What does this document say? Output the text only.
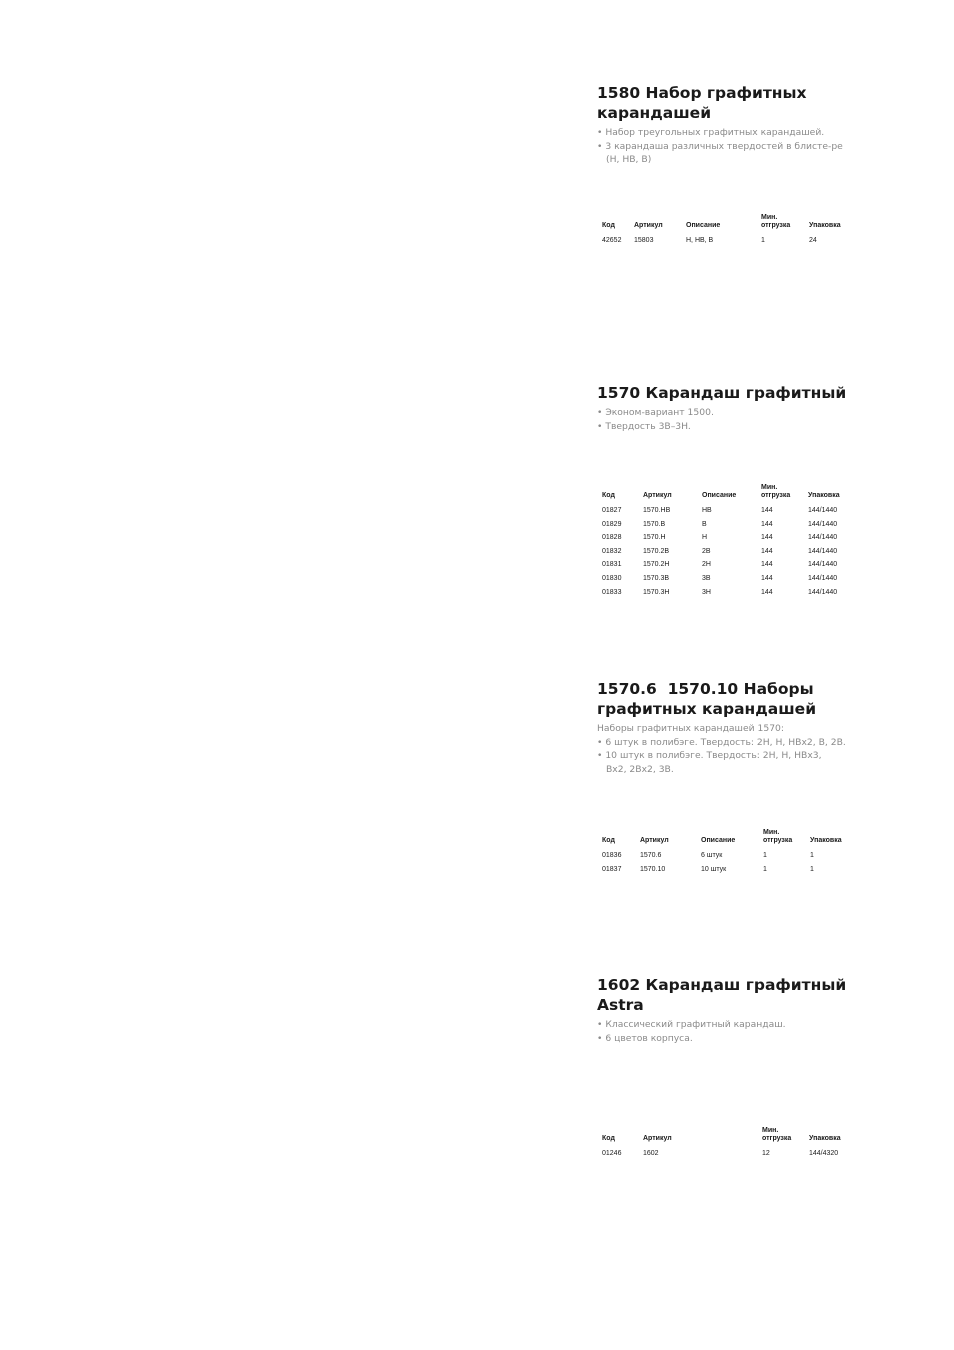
1580 Набор графитных
карандашей
• Набор треугольных графитных карандашей.
• 3 карандаша различных твердостей в блисте-ре (H, HB, B)
Код	Артикул	Описание	Мин.
отгрузка	Упаковка
42652	15803	H, HB, B	1	24
1570 Карандаш графитный
• Эконом-вариант 1500.
• Твердость 3B–3H.
Код	Артикул	Описание	Мин.
отгрузка	Упаковка
01827	1570.HB	HB	144	144/1440
01829	1570.B	B	144	144/1440
01828	1570.H	H	144	144/1440
01832	1570.2B	2B	144	144/1440
01831	1570.2H	2H	144	144/1440
01830	1570.3B	3B	144	144/1440
01833	1570.3H	3H	144	144/1440
1570.6  1570.10 Наборы
графитных карандашей
Наборы графитных карандашей 1570:
• 6 штук в полибэге. Твердость: 2H, H, HBx2, B, 2B.
• 10 штук в полибэге. Твердость: 2H, H, HBx3, Bx2, 2Bx2, 3B.
Код	Артикул	Описание	Мин.
отгрузка	Упаковка
01836	1570.6	6 штук	1	1
01837	1570.10	10 штук	1	1
1602 Карандаш графитный
Astra
• Классический графитный карандаш.
• 6 цветов корпуса.
Код	Артикул		Мин.
отгрузка	Упаковка
01246	1602		12	144/4320
